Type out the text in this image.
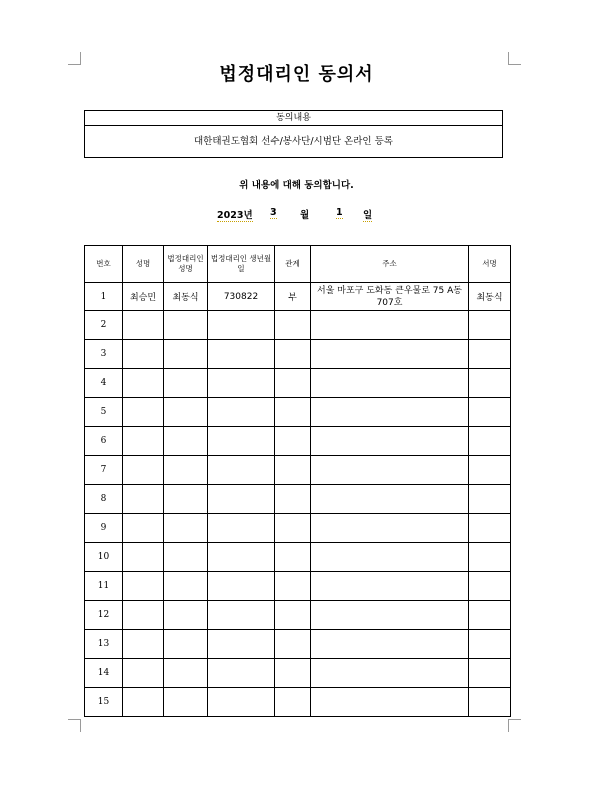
법정대리인 동의서
동의내용
대한태권도협회 선수/봉사단/시범단 온라인 등록
위 내용에 대해 동의합니다.
2023년 3 월	1 일
번호	성명	법정대리인 성명	법정대리인 생년월일	관계	주소	서명
1	최승민	최동식	730822	부	서울 마포구 도화동 큰우물로 75 A동 707호	최동식
2						
3						
4						
5						
6						
7						
8						
9						
10						
11						
12						
13						
14						
15						
